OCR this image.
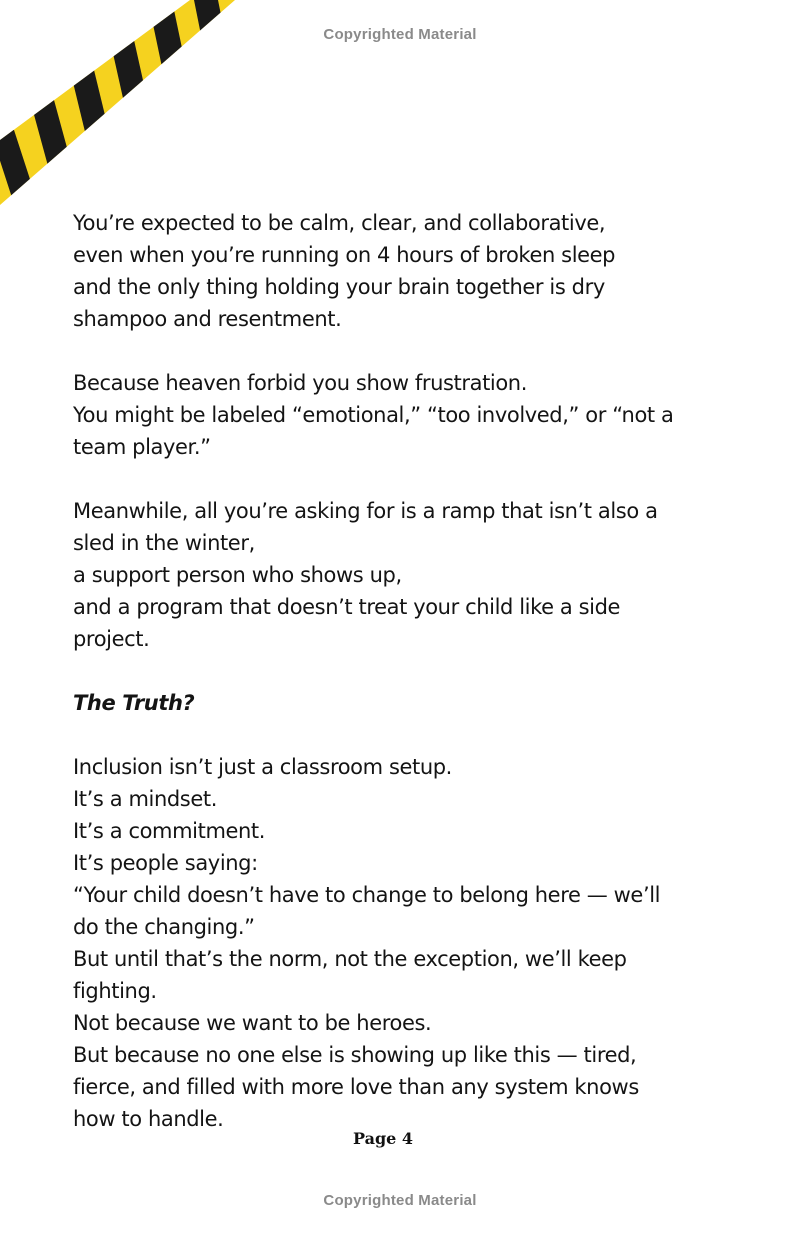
Copyrighted Material
You’re expected to be calm, clear, and collaborative,
even when you’re running on 4 hours of broken sleep
and the only thing holding your brain together is dry
shampoo and resentment.
Because heaven forbid you show frustration.
You might be labeled “emotional,” “too involved,” or “not a
team player.”
Meanwhile, all you’re asking for is a ramp that isn’t also a
sled in the winter,
a support person who shows up,
and a program that doesn’t treat your child like a side
project.
The Truth?
Inclusion isn’t just a classroom setup.
It’s a mindset.
It’s a commitment.
It’s people saying:
“Your child doesn’t have to change to belong here — we’ll
do the changing.”
But until that’s the norm, not the exception, we’ll keep
fighting.
Not because we want to be heroes.
But because no one else is showing up like this — tired,
fierce, and filled with more love than any system knows
how to handle.
Page 4
Copyrighted Material
